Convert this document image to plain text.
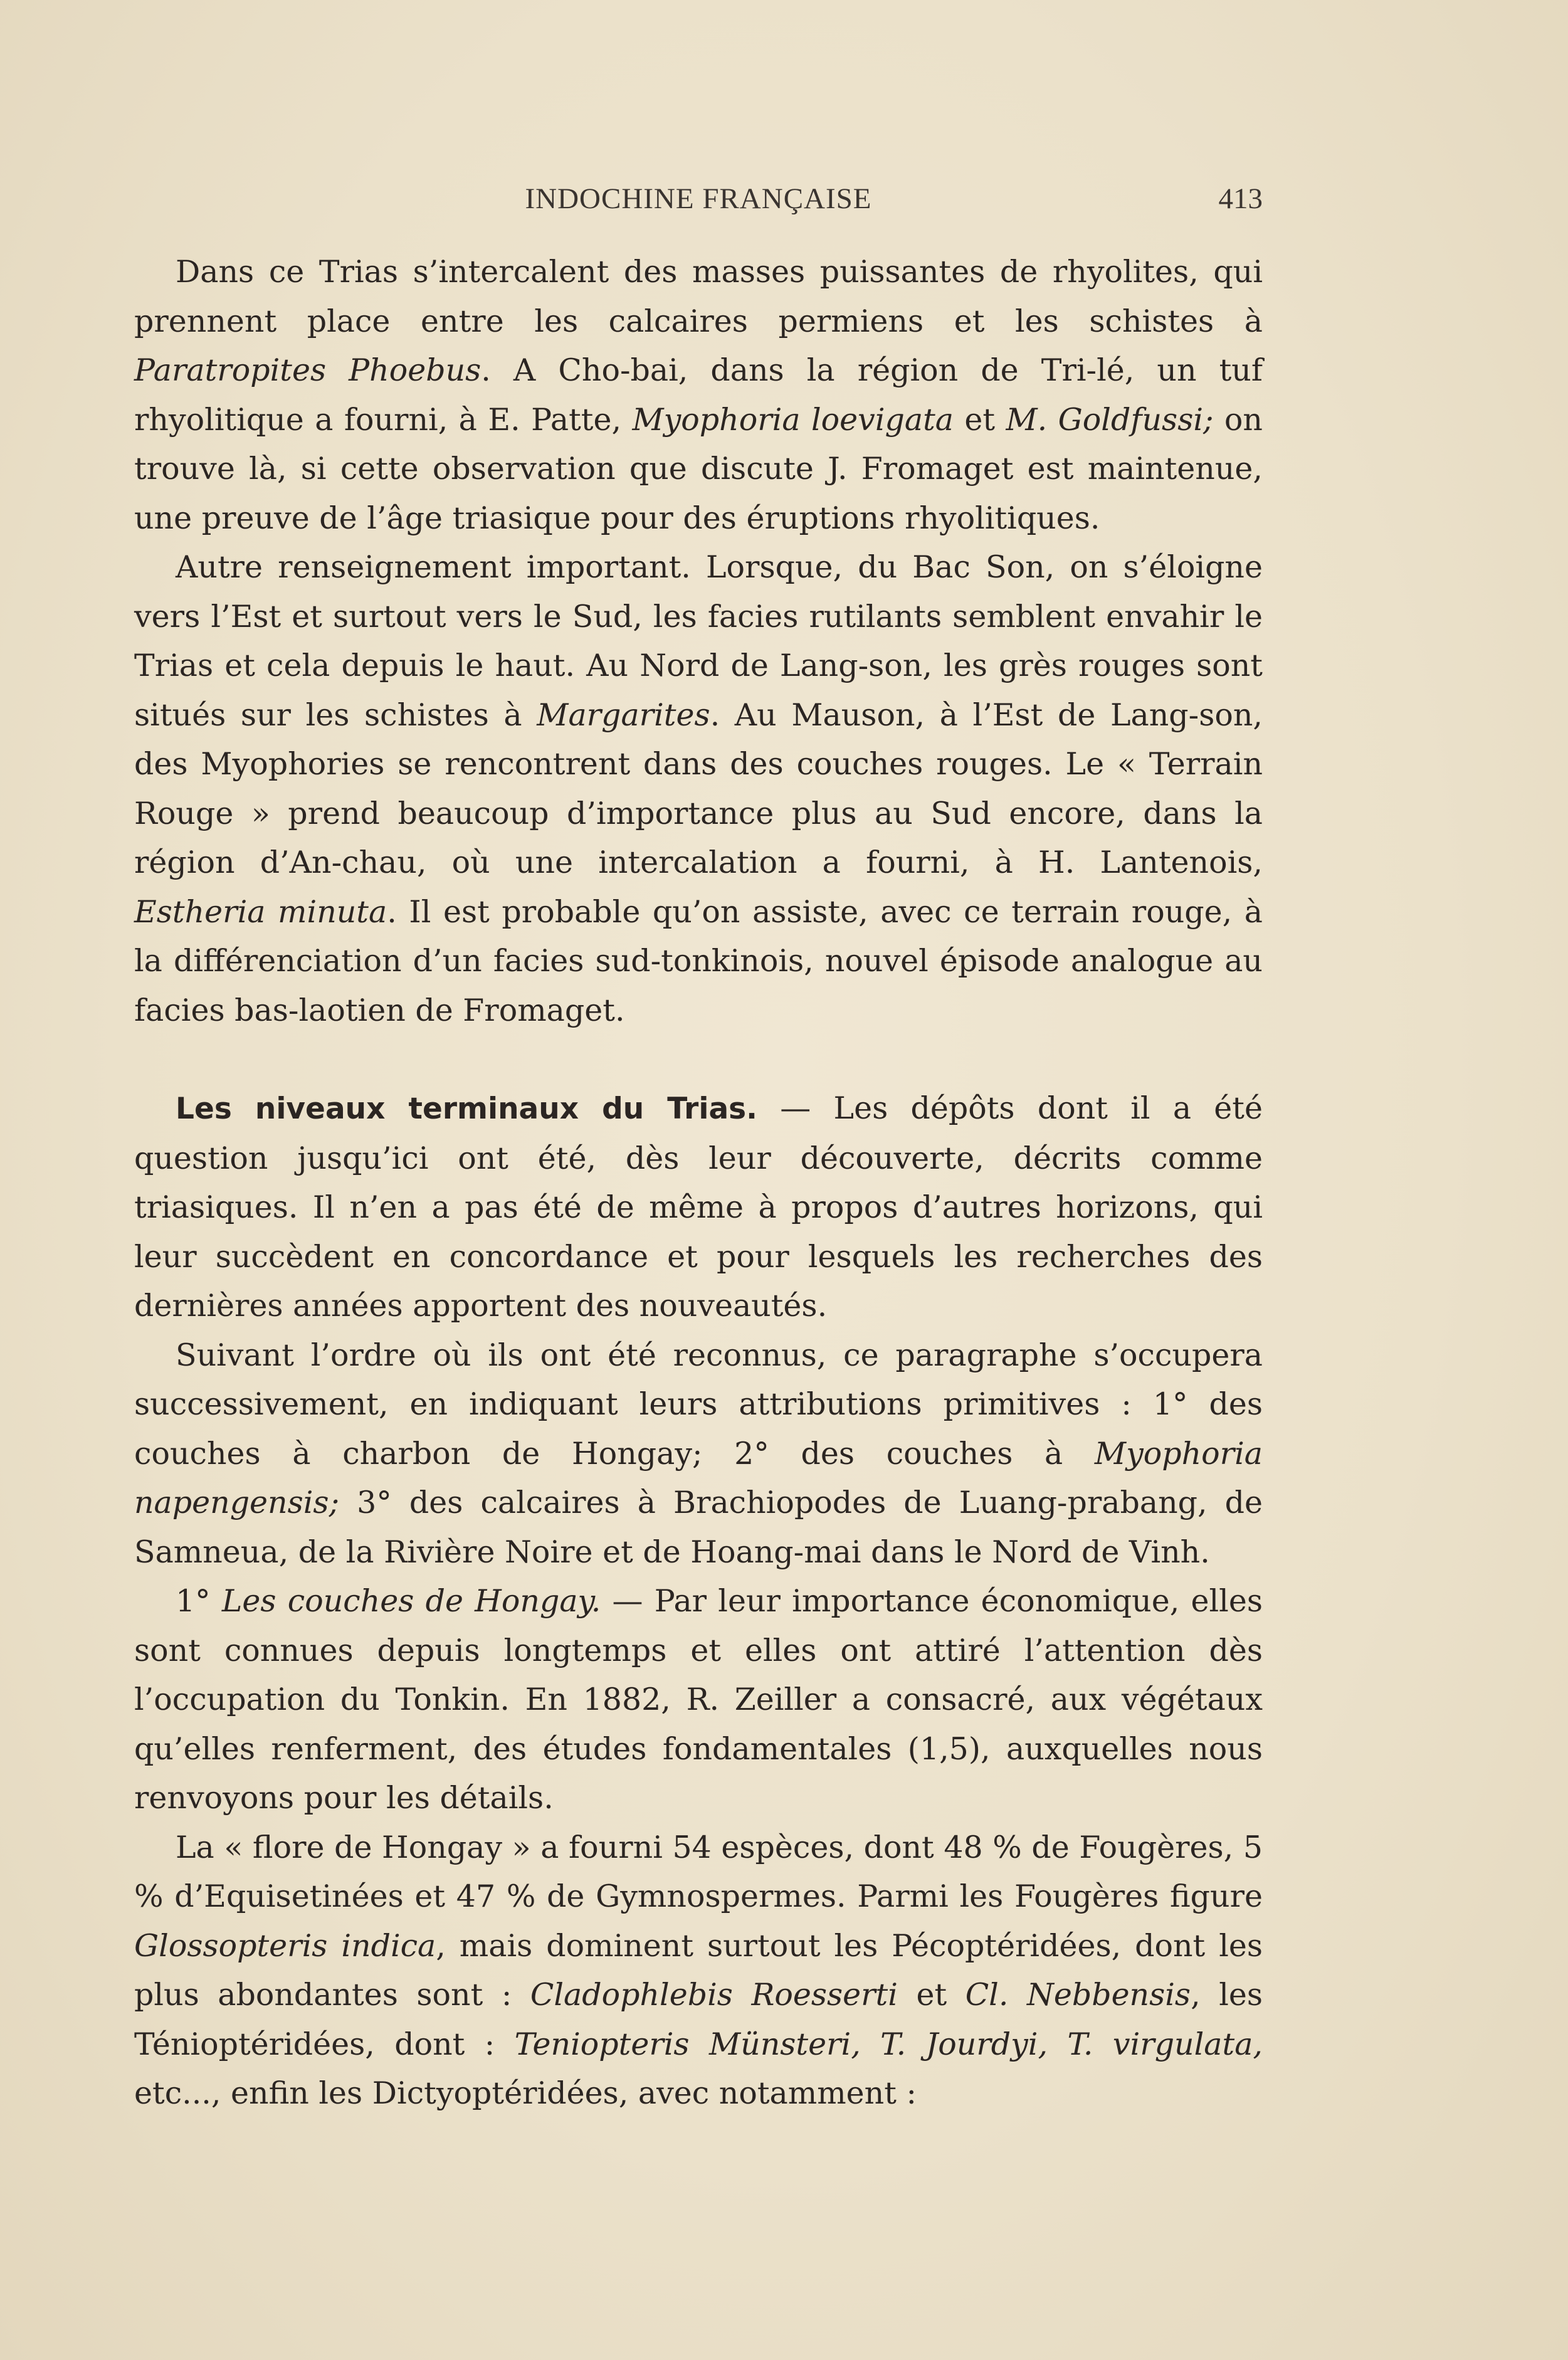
INDOCHINE FRANÇAISE	413

Dans ce Trias s’intercalent des masses puissantes de rhyolites, qui prennent place entre les calcaires permiens et les schistes à Paratropites Phoebus. A Cho-bai, dans la région de Tri-lé, un tuf rhyolitique a fourni, à E. Patte, Myophoria loevigata et M. Goldfussi; on trouve là, si cette observation que discute J. Fromaget est maintenue, une preuve de l’âge triasique pour des éruptions rhyolitiques.

Autre renseignement important. Lorsque, du Bac Son, on s’éloigne vers l’Est et surtout vers le Sud, les facies rutilants semblent envahir le Trias et cela depuis le haut. Au Nord de Lang-son, les grès rouges sont situés sur les schistes à Margarites. Au Mauson, à l’Est de Lang-son, des Myophories se rencontrent dans des couches rouges. Le « Terrain Rouge » prend beaucoup d’importance plus au Sud encore, dans la région d’An-chau, où une intercalation a fourni, à H. Lantenois, Estheria minuta. Il est probable qu’on assiste, avec ce terrain rouge, à la différenciation d’un facies sud-tonkinois, nouvel épisode analogue au facies bas-laotien de Fromaget.

Les niveaux terminaux du Trias. — Les dépôts dont il a été question jusqu’ici ont été, dès leur découverte, décrits comme triasiques. Il n’en a pas été de même à propos d’autres horizons, qui leur succèdent en concordance et pour lesquels les recherches des dernières années apportent des nouveautés.

Suivant l’ordre où ils ont été reconnus, ce paragraphe s’occupera successivement, en indiquant leurs attributions primitives : 1° des couches à charbon de Hongay; 2° des couches à Myophoria napengensis; 3° des calcaires à Brachiopodes de Luang-prabang, de Samneua, de la Rivière Noire et de Hoang-mai dans le Nord de Vinh.

1° Les couches de Hongay. — Par leur importance économique, elles sont connues depuis longtemps et elles ont attiré l’attention dès l’occupation du Tonkin. En 1882, R. Zeiller a consacré, aux végétaux qu’elles renferment, des études fondamentales (1,5), auxquelles nous renvoyons pour les détails.

La « flore de Hongay » a fourni 54 espèces, dont 48 % de Fougères, 5 % d’Equisetinées et 47 % de Gymnospermes. Parmi les Fougères figure Glossopteris indica, mais dominent surtout les Pécoptéridées, dont les plus abondantes sont : Cladophlebis Roesserti et Cl. Nebbensis, les Ténioptéridées, dont : Teniopteris Münsteri, T. Jourdyi, T. virgulata, etc..., enfin les Dictyoptéridées, avec notamment :
